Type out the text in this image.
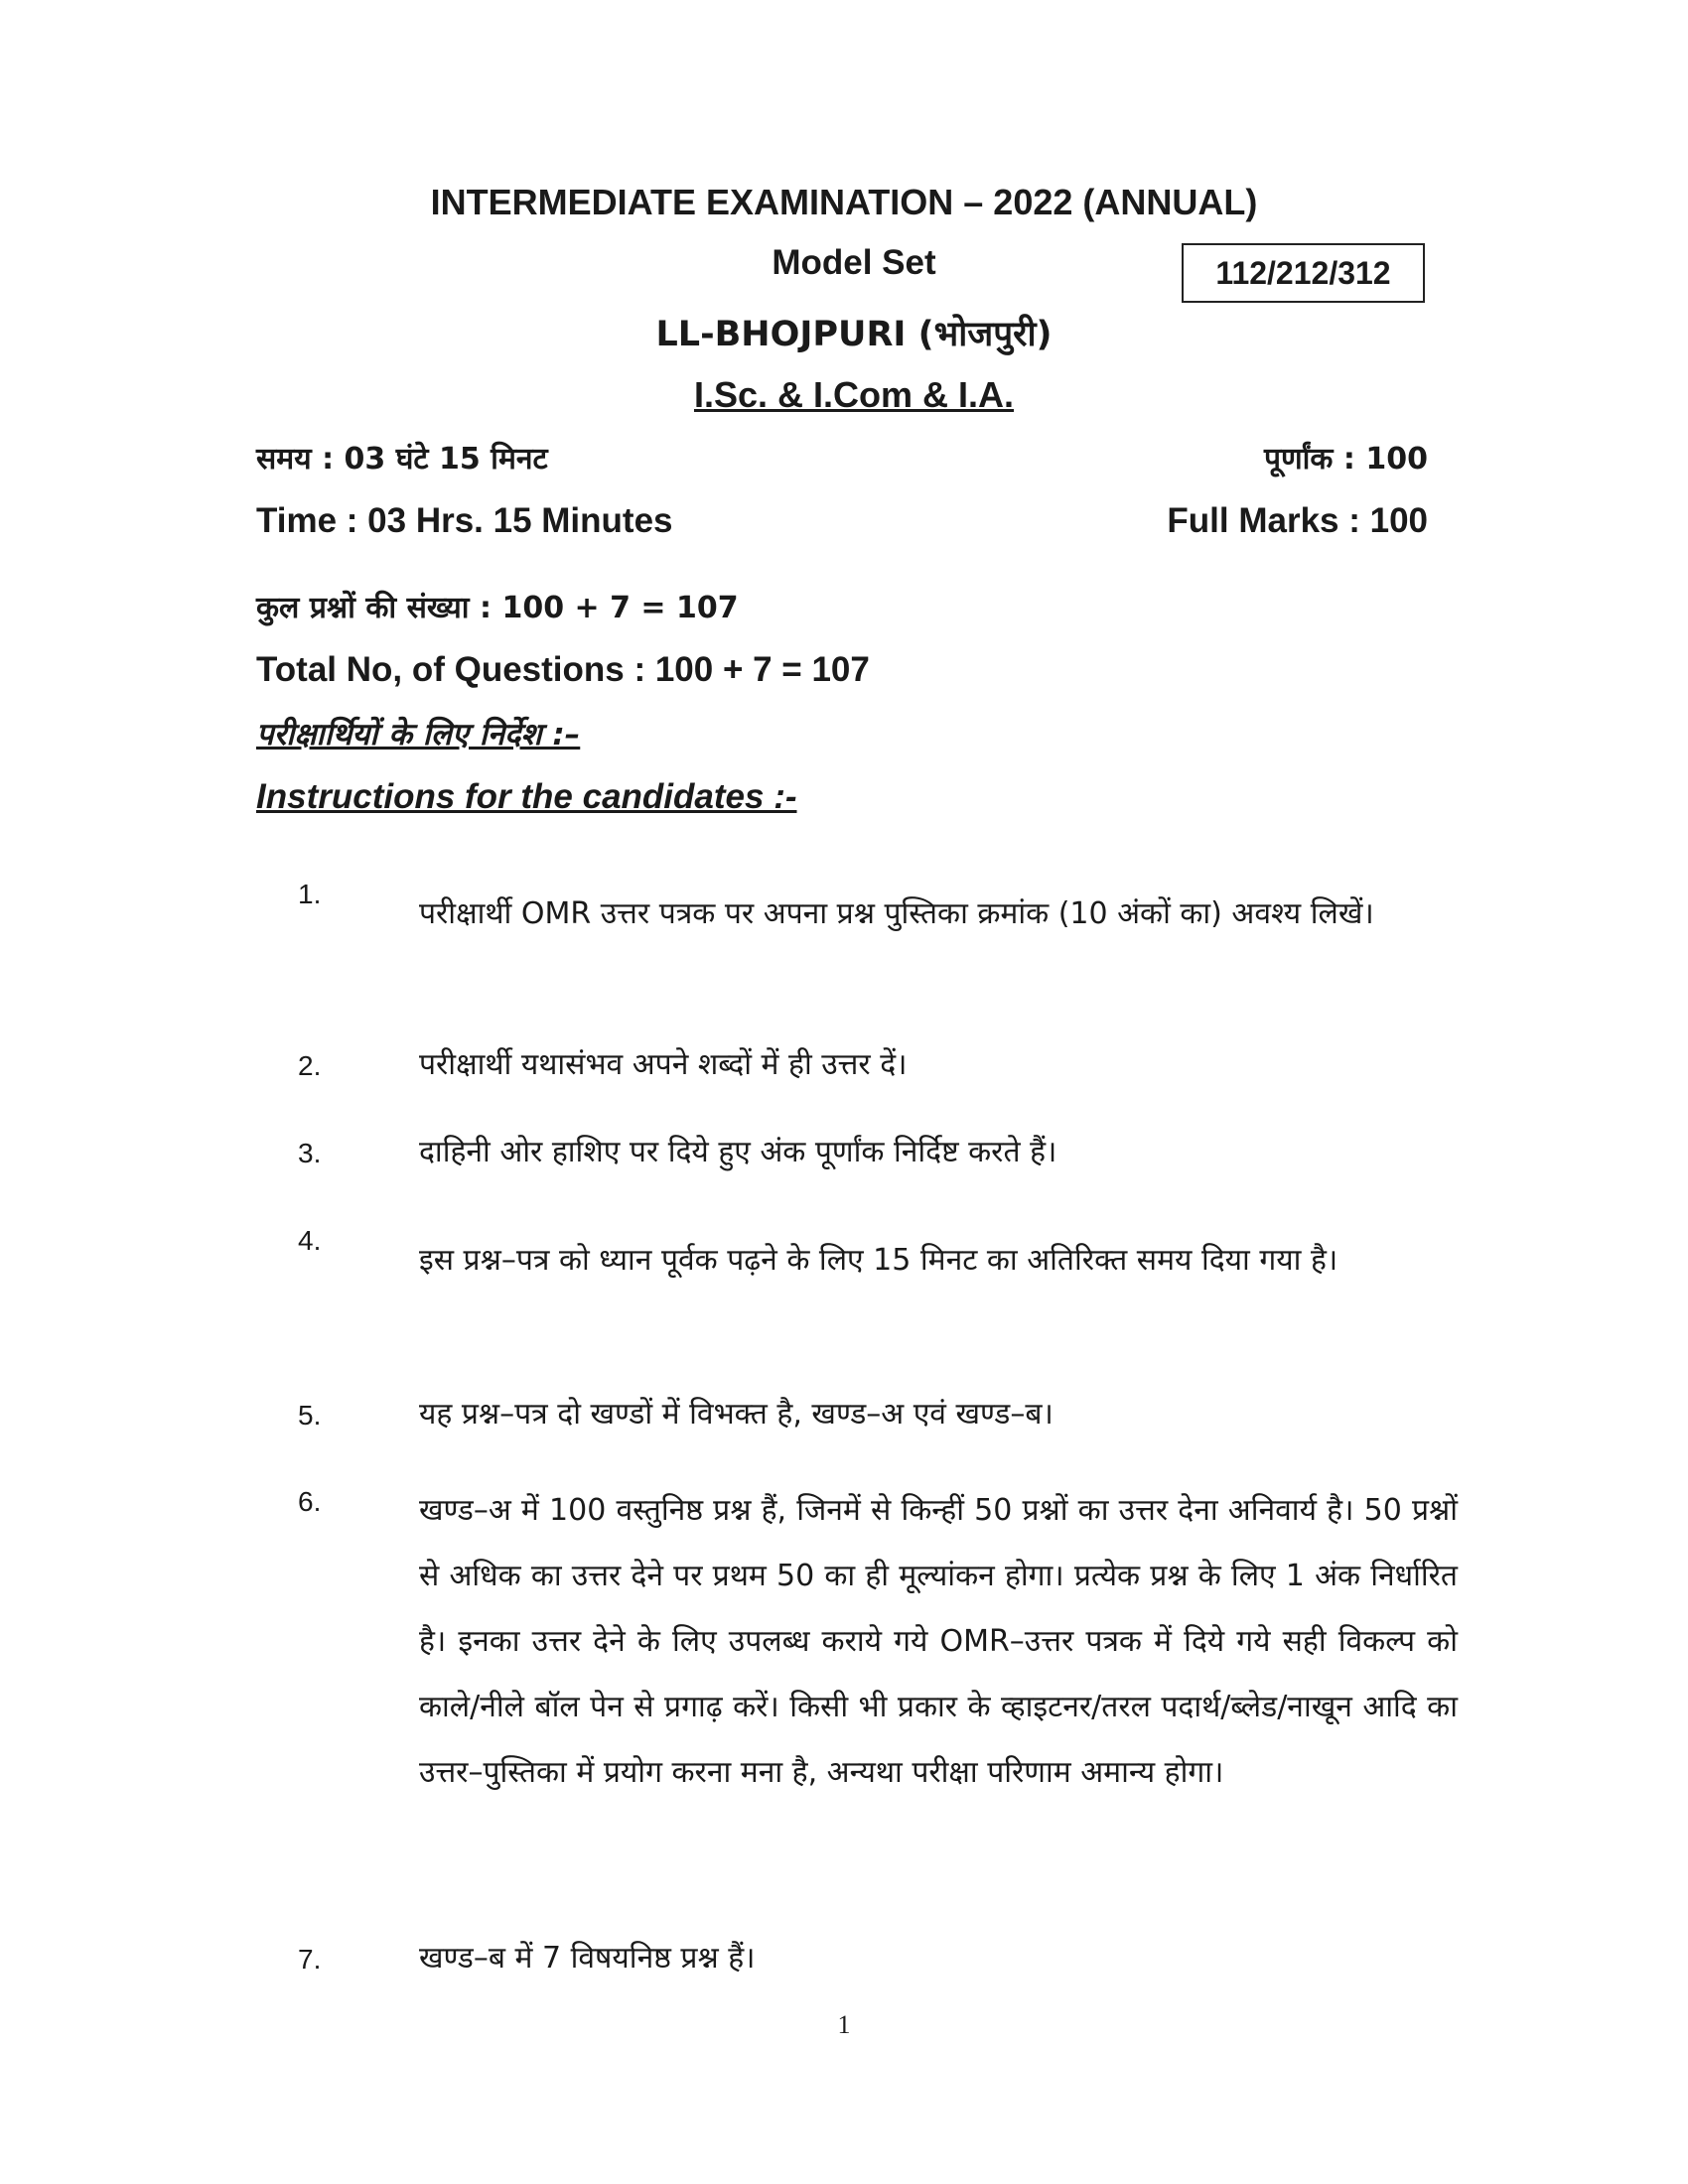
INTERMEDIATE EXAMINATION – 2022 (ANNUAL)
Model Set	112/212/312
LL-BHOJPURI (भोजपुरी)
I.Sc. & I.Com & I.A.
समय : 03 घंटे 15 मिनट	पूर्णांक : 100
Time : 03 Hrs. 15 Minutes	Full Marks : 100
कुल प्रश्नों की संख्या : 100 + 7 = 107
Total No, of Questions : 100 + 7 = 107
परीक्षार्थियों के लिए निर्देश :–
Instructions for the candidates :-
1.
परीक्षार्थी OMR उत्तर पत्रक पर अपना प्रश्न पुस्तिका क्रमांक (10 अंकों का) अवश्य लिखें।
2.	परीक्षार्थी यथासंभव अपने शब्दों में ही उत्तर दें।
3.	दाहिनी ओर हाशिए पर दिये हुए अंक पूर्णांक निर्दिष्ट करते हैं।
4.
इस प्रश्न–पत्र को ध्यान पूर्वक पढ़ने के लिए 15 मिनट का अतिरिक्त समय दिया गया है।
5.	यह प्रश्न–पत्र दो खण्डों में विभक्त है, खण्ड–अ एवं खण्ड–ब।
6.	खण्ड–अ में 100 वस्तुनिष्ठ प्रश्न हैं, जिनमें से किन्हीं 50 प्रश्नों का उत्तर देना अनिवार्य है। 50 प्रश्नों से अधिक का उत्तर देने पर प्रथम 50 का ही मूल्यांकन होगा। प्रत्येक प्रश्न के लिए 1 अंक निर्धारित है। इनका उत्तर देने के लिए उपलब्ध कराये गये OMR–उत्तर पत्रक में दिये गये सही विकल्प को काले/नीले बॉल पेन से प्रगाढ़ करें। किसी भी प्रकार के व्हाइटनर/तरल पदार्थ/ब्लेड/नाखून आदि का उत्तर–पुस्तिका में प्रयोग करना मना है, अन्यथा परीक्षा परिणाम अमान्य होगा।
7.	खण्ड–ब में 7 विषयनिष्ठ प्रश्न हैं।
1
